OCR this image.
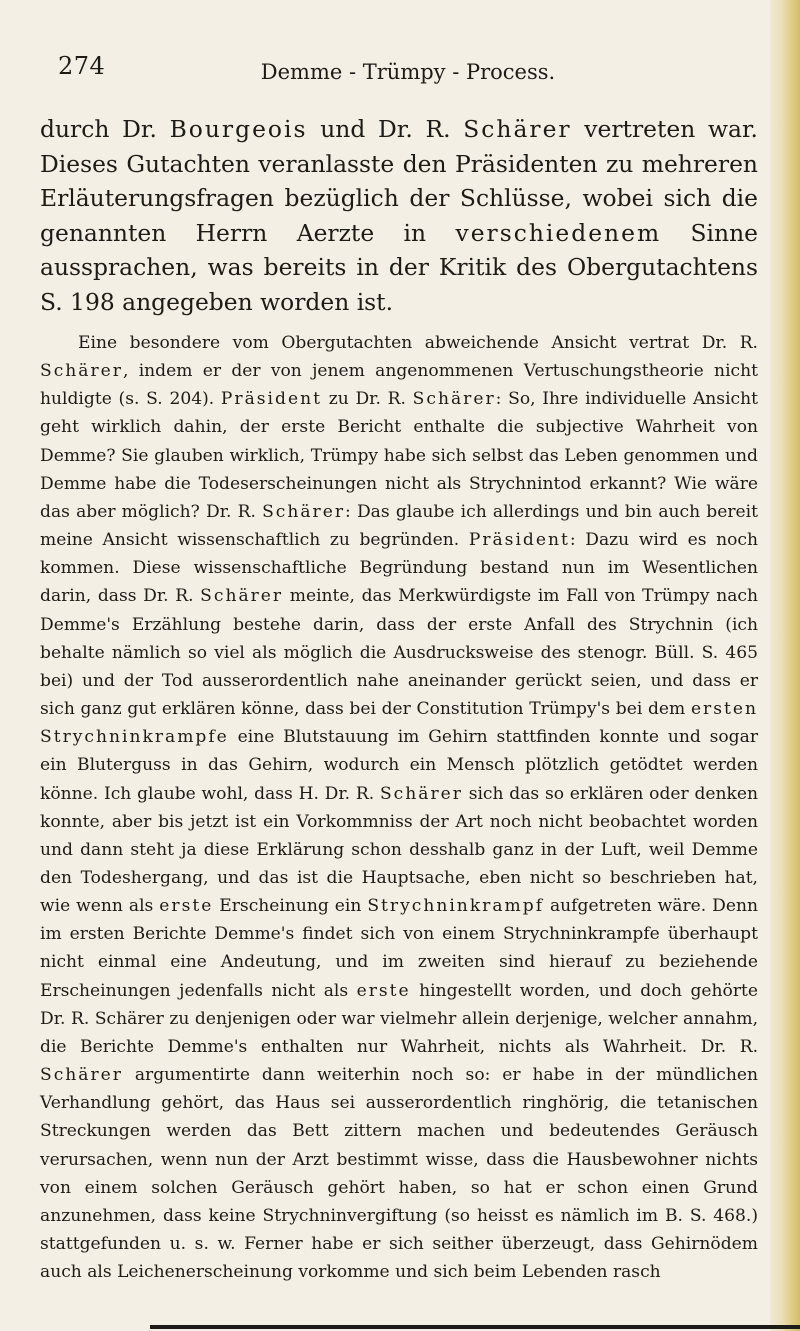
274	Demme - Trümpy - Process.

durch Dr. Bourgeois und Dr. R. Schärer vertreten war. Dieses Gutachten veranlasste den Präsidenten zu mehreren Erläuterungsfragen bezüglich der Schlüsse, wobei sich die genannten Herrn Aerzte in verschiedenem Sinne aussprachen, was bereits in der Kritik des Obergutachtens S. 198 angegeben worden ist.

Eine besondere vom Obergutachten abweichende Ansicht vertrat Dr. R. Schärer, indem er der von jenem angenommenen Vertuschungstheorie nicht huldigte (s. S. 204). Präsident zu Dr. R. Schärer: So, Ihre individuelle Ansicht geht wirklich dahin, der erste Bericht enthalte die subjective Wahrheit von Demme? Sie glauben wirklich, Trümpy habe sich selbst das Leben genommen und Demme habe die Todeserscheinungen nicht als Strychnintod erkannt? Wie wäre das aber möglich? Dr. R. Schärer: Das glaube ich allerdings und bin auch bereit meine Ansicht wissenschaftlich zu begründen. Präsident: Dazu wird es noch kommen. Diese wissenschaftliche Begründung bestand nun im Wesentlichen darin, dass Dr. R. Schärer meinte, das Merkwürdigste im Fall von Trümpy nach Demme's Erzählung bestehe darin, dass der erste Anfall des Strychnin (ich behalte nämlich so viel als möglich die Ausdrucksweise des stenogr. Büll. S. 465 bei) und der Tod ausserordentlich nahe aneinander gerückt seien, und dass er sich ganz gut erklären könne, dass bei der Constitution Trümpy's bei dem ersten Strychninkrampfe eine Blutstauung im Gehirn stattfinden konnte und sogar ein Bluterguss in das Gehirn, wodurch ein Mensch plötzlich getödtet werden könne. Ich glaube wohl, dass H. Dr. R. Schärer sich das so erklären oder denken konnte, aber bis jetzt ist ein Vorkommniss der Art noch nicht beobachtet worden und dann steht ja diese Erklärung schon desshalb ganz in der Luft, weil Demme den Todeshergang, und das ist die Hauptsache, eben nicht so beschrieben hat, wie wenn als erste Erscheinung ein Strychninkrampf aufgetreten wäre. Denn im ersten Berichte Demme's findet sich von einem Strychninkrampfe überhaupt nicht einmal eine Andeutung, und im zweiten sind hierauf zu beziehende Erscheinungen jedenfalls nicht als erste hingestellt worden, und doch gehörte Dr. R. Schärer zu denjenigen oder war vielmehr allein derjenige, welcher annahm, die Berichte Demme's enthalten nur Wahrheit, nichts als Wahrheit. Dr. R. Schärer argumentirte dann weiterhin noch so: er habe in der mündlichen Verhandlung gehört, das Haus sei ausserordentlich ringhörig, die tetanischen Streckungen werden das Bett zittern machen und bedeutendes Geräusch verursachen, wenn nun der Arzt bestimmt wisse, dass die Hausbewohner nichts von einem solchen Geräusch gehört haben, so hat er schon einen Grund anzunehmen, dass keine Strychninvergiftung (so heisst es nämlich im B. S. 468.) stattgefunden u. s. w. Ferner habe er sich seither überzeugt, dass Gehirnödem auch als Leichenerscheinung vorkomme und sich beim Lebenden rasch
